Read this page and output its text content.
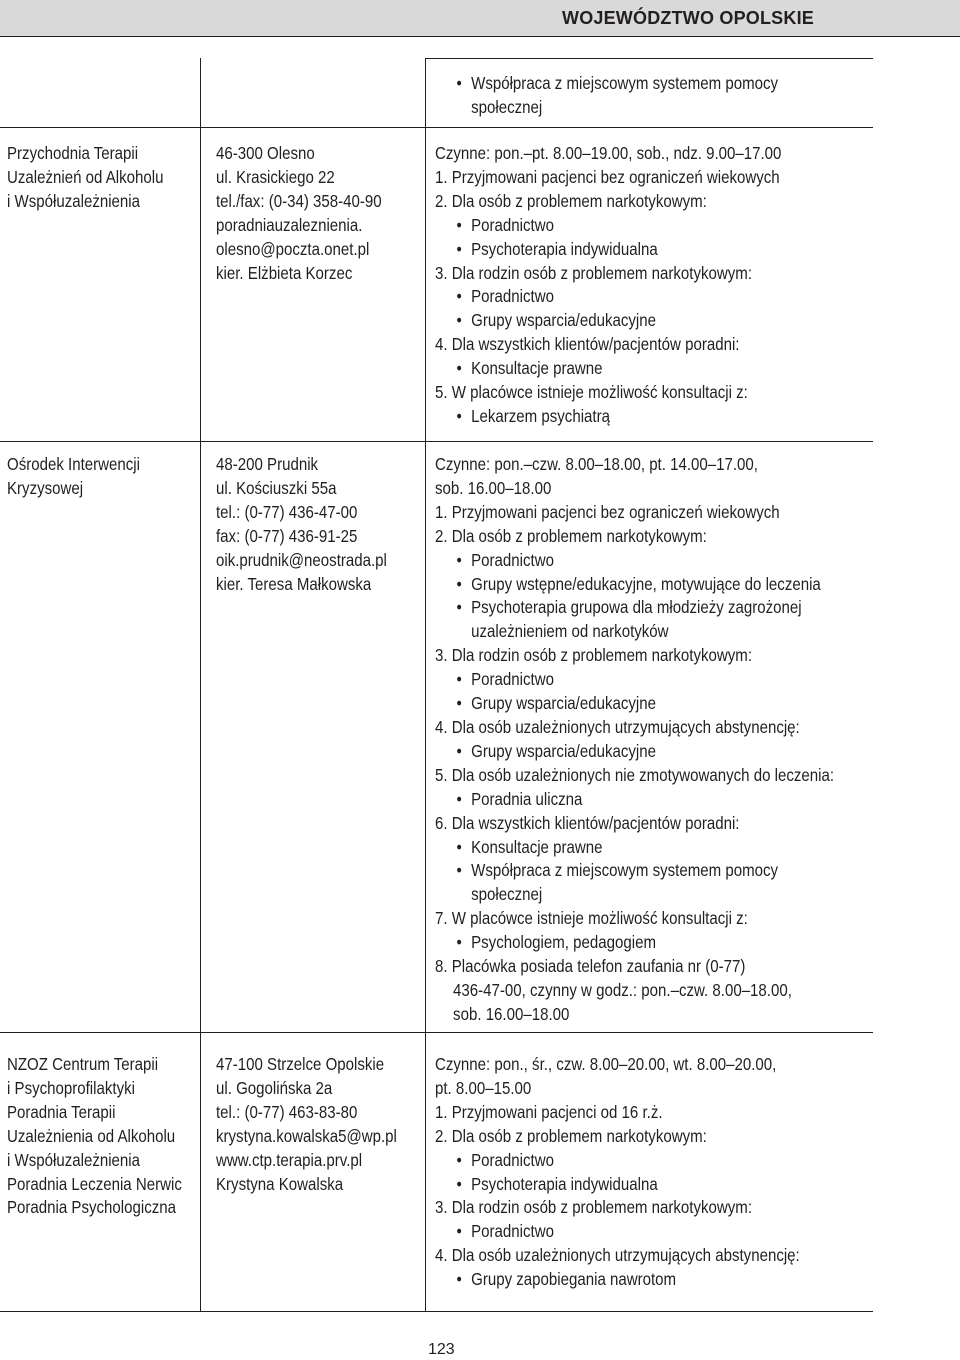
WOJEWÓDZTWO OPOLSKIE
• Współpraca z miejscowym systemem pomocy
społecznej
Przychodnia Terapii
Uzależnień od Alkoholu
i Współuzależnienia
46-300 Olesno
ul. Krasickiego 22
tel./fax: (0-34) 358-40-90
poradniauzaleznienia.
olesno@poczta.onet.pl
kier. Elżbieta Korzec
Czynne: pon.–pt. 8.00–19.00, sob., ndz. 9.00–17.00
1. Przyjmowani pacjenci bez ograniczeń wiekowych
2. Dla osób z problemem narkotykowym:
• Poradnictwo
• Psychoterapia indywidualna
3. Dla rodzin osób z problemem narkotykowym:
• Poradnictwo
• Grupy wsparcia/edukacyjne
4. Dla wszystkich klientów/pacjentów poradni:
• Konsultacje prawne
5. W placówce istnieje możliwość konsultacji z:
• Lekarzem psychiatrą
Ośrodek Interwencji
Kryzysowej
48-200 Prudnik
ul. Kościuszki 55a
tel.: (0-77) 436-47-00
fax: (0-77) 436-91-25
oik.prudnik@neostrada.pl
kier. Teresa Małkowska
Czynne: pon.–czw. 8.00–18.00, pt. 14.00–17.00,
sob. 16.00–18.00
1. Przyjmowani pacjenci bez ograniczeń wiekowych
2. Dla osób z problemem narkotykowym:
• Poradnictwo
• Grupy wstępne/edukacyjne, motywujące do leczenia
• Psychoterapia grupowa dla młodzieży zagrożonej
uzależnieniem od narkotyków
3. Dla rodzin osób z problemem narkotykowym:
• Poradnictwo
• Grupy wsparcia/edukacyjne
4. Dla osób uzależnionych utrzymujących abstynencję:
• Grupy wsparcia/edukacyjne
5. Dla osób uzależnionych nie zmotywowanych do leczenia:
• Poradnia uliczna
6. Dla wszystkich klientów/pacjentów poradni:
• Konsultacje prawne
• Współpraca z miejscowym systemem pomocy
społecznej
7. W placówce istnieje możliwość konsultacji z:
• Psychologiem, pedagogiem
8. Placówka posiada telefon zaufania nr (0-77)
436-47-00, czynny w godz.: pon.–czw. 8.00–18.00,
sob. 16.00–18.00
NZOZ Centrum Terapii
i Psychoprofilaktyki
Poradnia Terapii
Uzależnienia od Alkoholu
i Współuzależnienia
Poradnia Leczenia Nerwic
Poradnia Psychologiczna
47-100 Strzelce Opolskie
ul. Gogolińska 2a
tel.: (0-77) 463-83-80
krystyna.kowalska5@wp.pl
www.ctp.terapia.prv.pl
Krystyna Kowalska
Czynne: pon., śr., czw. 8.00–20.00, wt. 8.00–20.00,
pt. 8.00–15.00
1. Przyjmowani pacjenci od 16 r.ż.
2. Dla osób z problemem narkotykowym:
• Poradnictwo
• Psychoterapia indywidualna
3. Dla rodzin osób z problemem narkotykowym:
• Poradnictwo
4. Dla osób uzależnionych utrzymujących abstynencję:
• Grupy zapobiegania nawrotom
123
